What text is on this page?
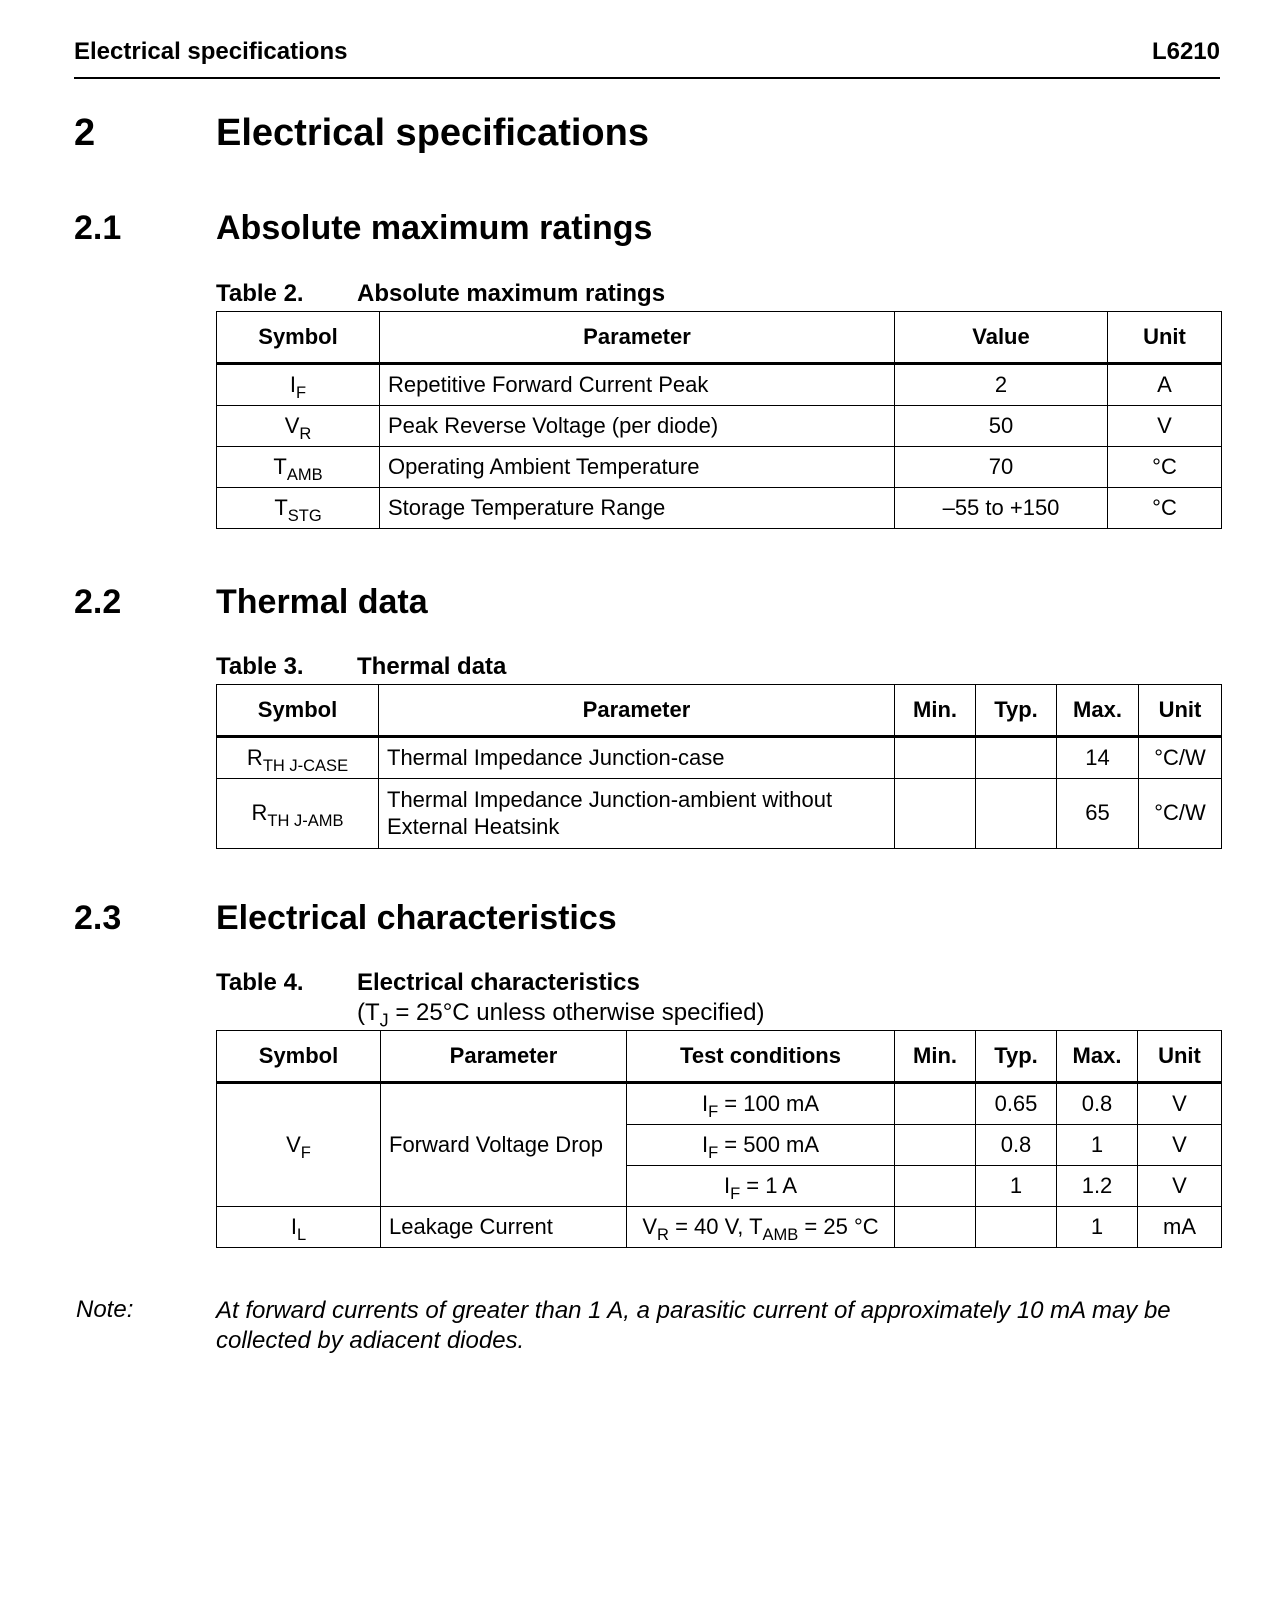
Electrical specifications	L6210
2	Electrical specifications
2.1	Absolute maximum ratings
Table 2. Absolute maximum ratings
Symbol	Parameter	Value	Unit
$I_F$	Repetitive Forward Current Peak	2	A
$V_R$	Peak Reverse Voltage (per diode)	50	V
$T_{AMB}$	Operating Ambient Temperature	70	°C
$T_{STG}$	Storage Temperature Range	–55 to +150	°C
2.2	Thermal data
Table 3. Thermal data
Symbol	Parameter	Min.	Typ.	Max.	Unit
$R_{TH J-CASE}$	Thermal Impedance Junction-case			14	°C/W
$R_{TH J-AMB}$	Thermal Impedance Junction-ambient without
External Heatsink			65	°C/W
2.3	Electrical characteristics
Table 4. Electrical characteristics
($T_J = 25^\circ C$ unless otherwise specified)
Symbol	Parameter	Test conditions	Min.	Typ.	Max.	Unit
$V_F$	Forward Voltage Drop	$I_F = 100$ mA		0.65	0.8	V
		$I_F = 500$ mA		0.8	1	V
		$I_F = 1$ A		1	1.2	V
$I_L$	Leakage Current	$V_R = 40$ V, $T_{AMB} = 25$ °C			1	mA
Note:	At forward currents of greater than 1 A, a parasitic current of approximately 10 mA may be collected by adiacent diodes.
